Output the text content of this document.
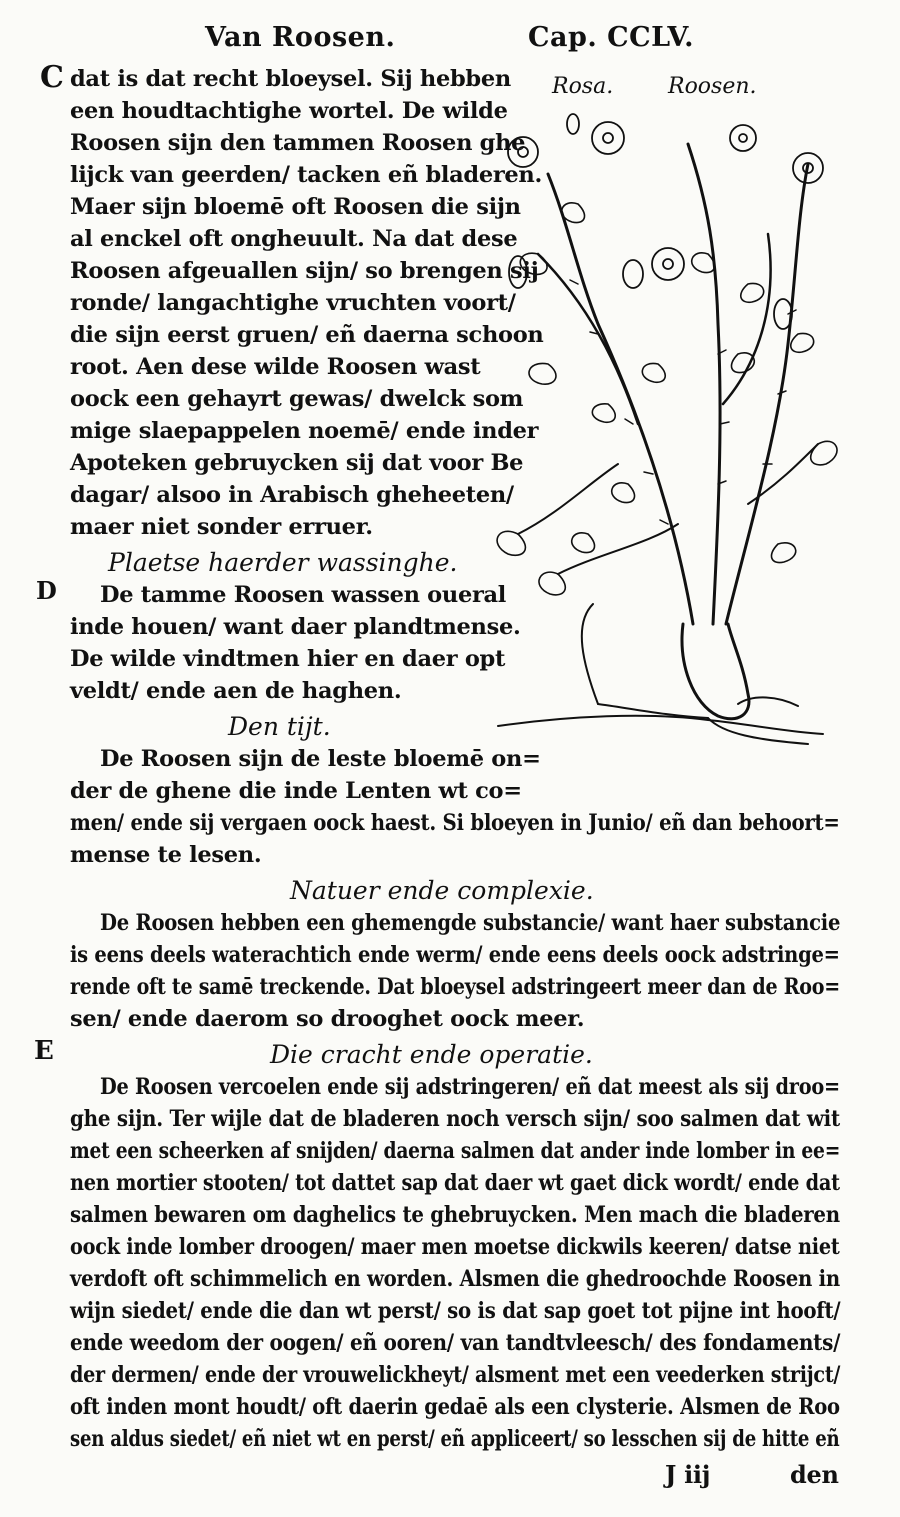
Van Roosen.	Cap. CCLV.
Rosa. Roosen.
C dat is dat recht bloeysel. Sij hebben
een houdtachtighe wortel. De wilde
Roosen sijn den tammen Roosen ghe
lijck van geerden/ tacken eñ bladeren.
Maer sijn bloemē oft Roosen die sijn
al enckel oft ongheuult. Na dat dese
Roosen afgeuallen sijn/ so brengen sij
ronde/ langachtighe vruchten voort/
die sijn eerst gruen/ eñ daerna schoon
root. Aen dese wilde Roosen wast
oock een gehayrt gewas/ dwelck som
mige slaepappelen noemē/ ende inder
Apoteken gebruycken sij dat voor Be
dagar/ alsoo in Arabisch gheheeten/
maer niet sonder erruer.
Plaetse haerder wassinghe.
D De tamme Roosen wassen oueral
inde houen/ want daer plandtmense.
De wilde vindtmen hier en daer opt
veldt/ ende aen de haghen.
Den tijt.
De Roosen sijn de leste bloemē on=
der de ghene die inde Lenten wt co=
men/ ende sij vergaen oock haest. Si bloeyen in Junio/ eñ dan behoort=
mense te lesen.
Natuer ende complexie.
De Roosen hebben een ghemengde substancie/ want haer substancie
is eens deels waterachtich ende werm/ ende eens deels oock adstringe=
rende oft te samē treckende. Dat bloeysel adstringeert meer dan de Roo=
sen/ ende daerom so drooghet oock meer.
E	Die cracht ende operatie.
De Roosen vercoelen ende sij adstringeren/ eñ dat meest als sij droo=
ghe sijn. Ter wijle dat de bladeren noch versch sijn/ soo salmen dat wit
met een scheerken af snijden/ daerna salmen dat ander inde lomber in ee=
nen mortier stooten/ tot dattet sap dat daer wt gaet dick wordt/ ende dat
salmen bewaren om daghelics te ghebruycken. Men mach die bladeren
oock inde lomber droogen/ maer men moetse dickwils keeren/ datse niet
verdoft oft schimmelich en worden. Alsmen die ghedroochde Roosen in
wijn siedet/ ende die dan wt perst/ so is dat sap goet tot pijne int hooft/
ende weedom der oogen/ eñ ooren/ van tandtvleesch/ des fondaments/
der dermen/ ende der vrouwelickheyt/ alsment met een veederken strijct/
oft inden mont houdt/ oft daerin gedaē als een clysterie. Alsmen de Roo
sen aldus siedet/ eñ niet wt en perst/ eñ appliceert/ so lesschen sij de hitte eñ
J iij	den
